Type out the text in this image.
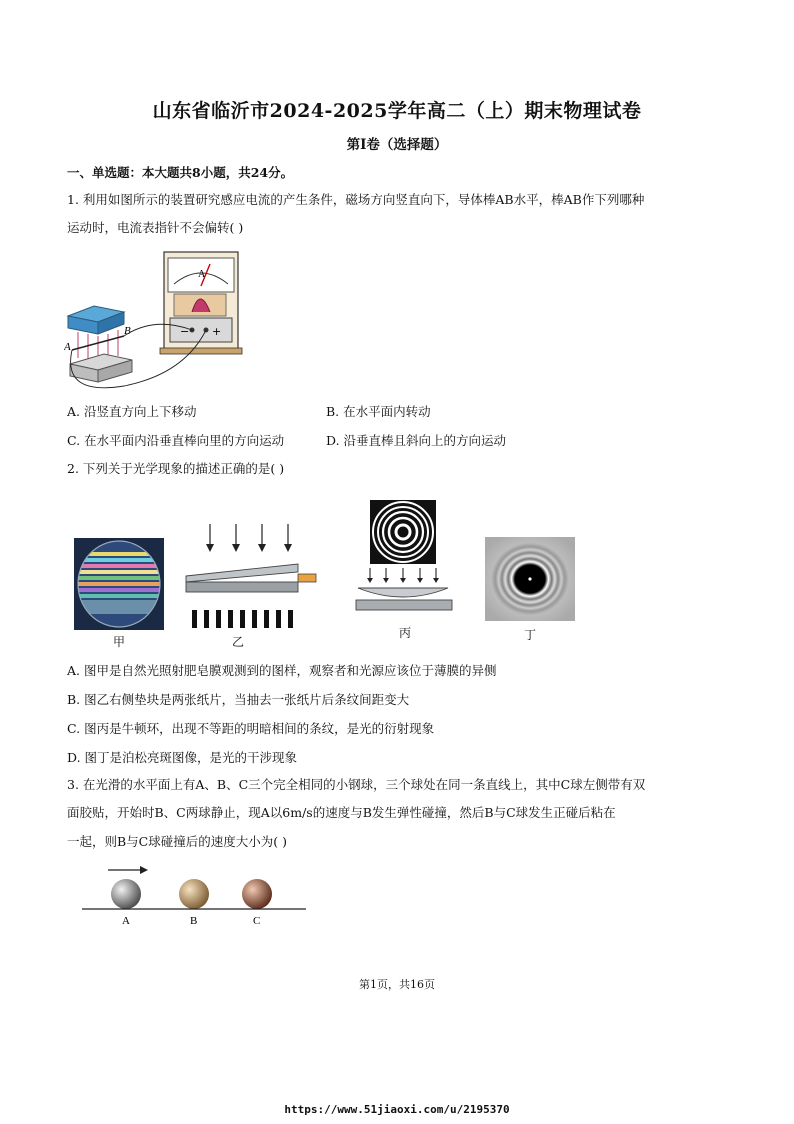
山东省临沂市2024-2025学年高二（上）期末物理试卷
第Ⅰ卷（选择题）
一、单选题：本大题共8小题，共24分。
1. 利用如图所示的装置研究感应电流的产生条件，磁场方向竖直向下，导体棒AB水平，棒AB作下列哪种
运动时，电流表指针不会偏转( )
A
− +
A
B
A. 沿竖直方向上下移动	B. 在水平面内转动
C. 在水平面内沿垂直棒向里的方向运动	D. 沿垂直棒且斜向上的方向运动
2. 下列关于光学现象的描述正确的是( )
甲	乙
丙	丁
A. 图甲是自然光照射肥皂膜观测到的图样，观察者和光源应该位于薄膜的异侧
B. 图乙右侧垫块是两张纸片，当抽去一张纸片后条纹间距变大
C. 图丙是牛顿环，出现不等距的明暗相间的条纹，是光的衍射现象
D. 图丁是泊松亮斑图像，是光的干涉现象
3. 在光滑的水平面上有A、B、C三个完全相同的小钢球，三个球处在同一条直线上，其中C球左侧带有双
面胶贴，开始时B、C两球静止，现A以6m/s的速度与B发生弹性碰撞，然后B与C球发生正碰后粘在
一起，则B与C球碰撞后的速度大小为( )
A	B	C
第1页，共16页
https://www.51jiaoxi.com/u/2195370
